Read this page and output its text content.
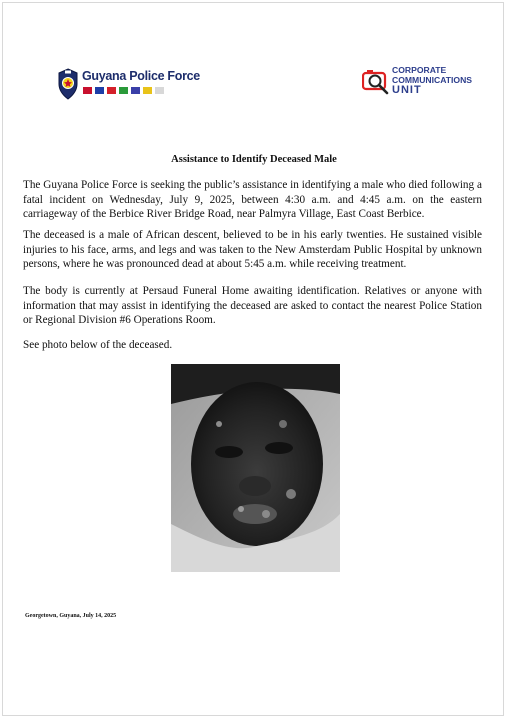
Guyana Police Force	CORPORATE
COMMUNICATIONS
UNIT
Assistance to Identify Deceased Male

The Guyana Police Force is seeking the public’s assistance in identifying a male who died following a fatal incident on Wednesday, July 9, 2025, between 4:30 a.m. and 4:45 a.m. on the eastern carriageway of the Berbice River Bridge Road, near Palmyra Village, East Coast Berbice.

The deceased is a male of African descent, believed to be in his early twenties. He sustained visible injuries to his face, arms, and legs and was taken to the New Amsterdam Public Hospital by unknown persons, where he was pronounced dead at about 5:45 a.m. while receiving treatment.

The body is currently at Persaud Funeral Home awaiting identification. Relatives or anyone with information that may assist in identifying the deceased are asked to contact the nearest Police Station or Regional Division #6 Operations Room.

See photo below of the deceased.

Georgetown, Guyana, July 14, 2025
